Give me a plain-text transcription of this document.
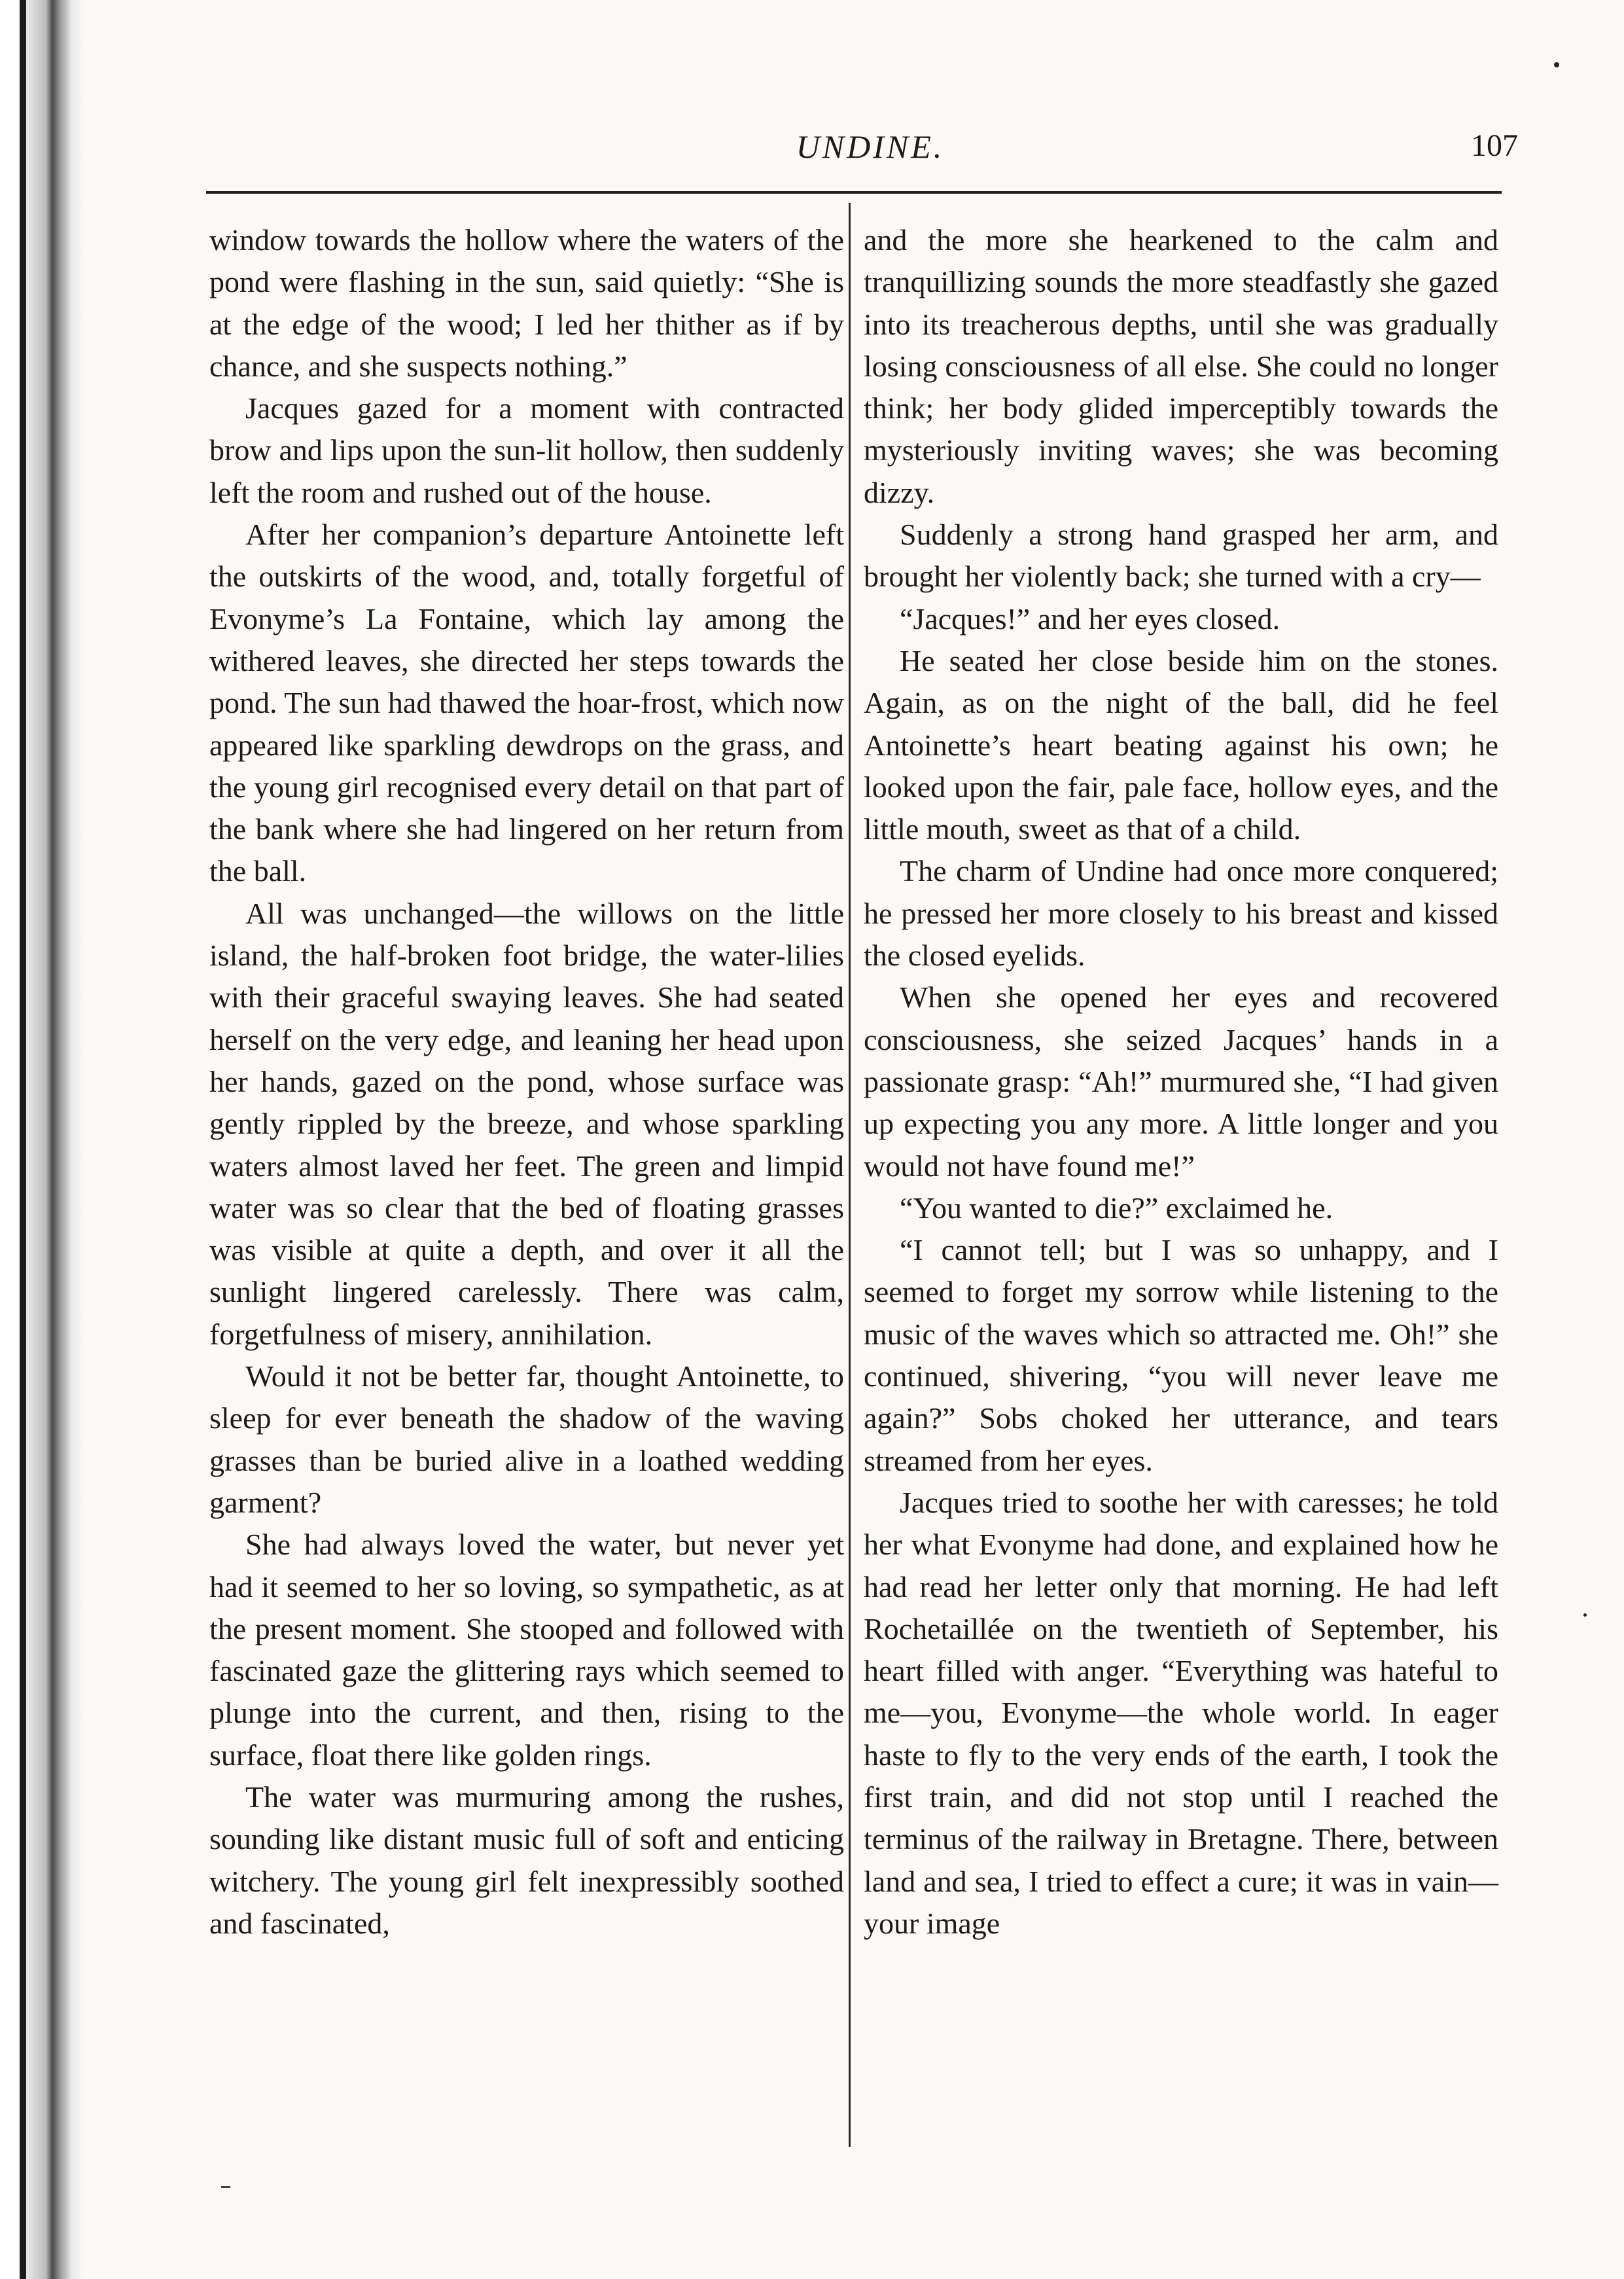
UNDINE.	107

window towards the hollow where the waters of the pond were flashing in the sun, said quietly: “She is at the edge of the wood; I led her thither as if by chance, and she suspects nothing.”

Jacques gazed for a moment with contracted brow and lips upon the sun-lit hollow, then suddenly left the room and rushed out of the house.

After her companion’s departure Antoinette left the outskirts of the wood, and, totally forgetful of Evonyme’s La Fontaine, which lay among the withered leaves, she directed her steps towards the pond. The sun had thawed the hoar-frost, which now appeared like sparkling dewdrops on the grass, and the young girl recognised every detail on that part of the bank where she had lingered on her return from the ball.

All was unchanged—the willows on the little island, the half-broken foot bridge, the water-lilies with their graceful swaying leaves. She had seated herself on the very edge, and leaning her head upon her hands, gazed on the pond, whose surface was gently rippled by the breeze, and whose sparkling waters almost laved her feet. The green and limpid water was so clear that the bed of floating grasses was visible at quite a depth, and over it all the sunlight lingered carelessly. There was calm, forgetfulness of misery, annihilation.

Would it not be better far, thought Antoinette, to sleep for ever beneath the shadow of the waving grasses than be buried alive in a loathed wedding garment?

She had always loved the water, but never yet had it seemed to her so loving, so sympathetic, as at the present moment. She stooped and followed with fascinated gaze the glittering rays which seemed to plunge into the current, and then, rising to the surface, float there like golden rings.

The water was murmuring among the rushes, sounding like distant music full of soft and enticing witchery. The young girl felt inexpressibly soothed and fascinated,

and the more she hearkened to the calm and tranquillizing sounds the more steadfastly she gazed into its treacherous depths, until she was gradually losing consciousness of all else. She could no longer think; her body glided imperceptibly towards the mysteriously inviting waves; she was becoming dizzy.

Suddenly a strong hand grasped her arm, and brought her violently back; she turned with a cry—

“Jacques!” and her eyes closed.

He seated her close beside him on the stones. Again, as on the night of the ball, did he feel Antoinette’s heart beating against his own; he looked upon the fair, pale face, hollow eyes, and the little mouth, sweet as that of a child.

The charm of Undine had once more conquered; he pressed her more closely to his breast and kissed the closed eyelids.

When she opened her eyes and recovered consciousness, she seized Jacques’ hands in a passionate grasp: “Ah!” murmured she, “I had given up expecting you any more. A little longer and you would not have found me!”

“You wanted to die?” exclaimed he.

“I cannot tell; but I was so unhappy, and I seemed to forget my sorrow while listening to the music of the waves which so attracted me. Oh!” she continued, shivering, “you will never leave me again?” Sobs choked her utterance, and tears streamed from her eyes.

Jacques tried to soothe her with caresses; he told her what Evonyme had done, and explained how he had read her letter only that morning. He had left Rochetaillée on the twentieth of September, his heart filled with anger. “Everything was hateful to me—you, Evonyme—the whole world. In eager haste to fly to the very ends of the earth, I took the first train, and did not stop until I reached the terminus of the railway in Bretagne. There, between land and sea, I tried to effect a cure; it was in vain—your image
